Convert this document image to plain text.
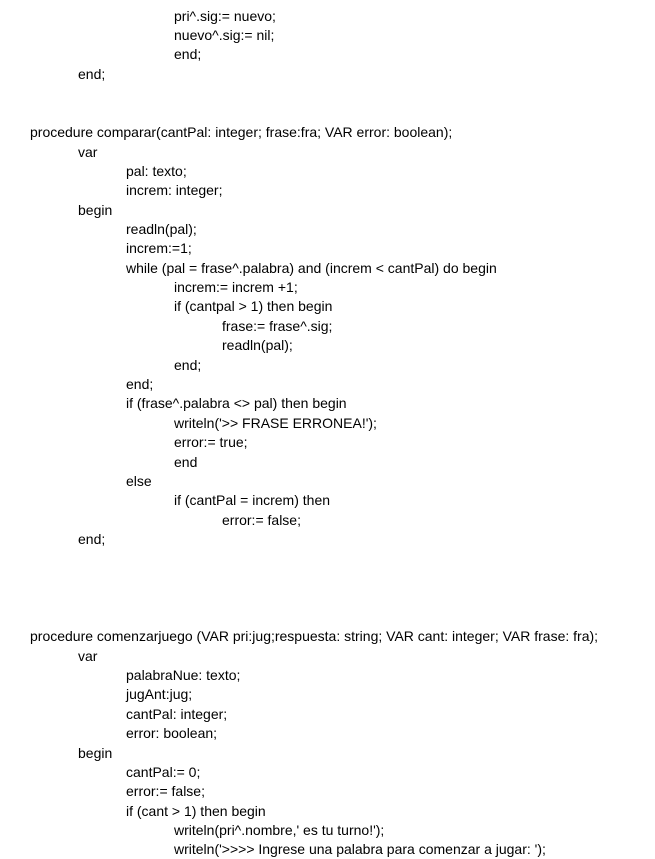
pri^.sig:= nuevo;
nuevo^.sig:= nil;
end;
end;
procedure comparar(cantPal: integer; frase:fra; VAR error: boolean);
var
pal: texto;
increm: integer;
begin
readln(pal);
increm:=1;
while (pal = frase^.palabra) and (increm < cantPal) do begin
increm:= increm +1;
if (cantpal > 1) then begin
frase:= frase^.sig;
readln(pal);
end;
end;
if (frase^.palabra <> pal) then begin
writeln('>> FRASE ERRONEA!');
error:= true;
end
else
if (cantPal = increm) then
error:= false;
end;
procedure comenzarjuego (VAR pri:jug;respuesta: string; VAR cant: integer; VAR frase: fra);
var
palabraNue: texto;
jugAnt:jug;
cantPal: integer;
error: boolean;
begin
cantPal:= 0;
error:= false;
if (cant > 1) then begin
writeln(pri^.nombre,' es tu turno!');
writeln('>>>> Ingrese una palabra para comenzar a jugar: ');
